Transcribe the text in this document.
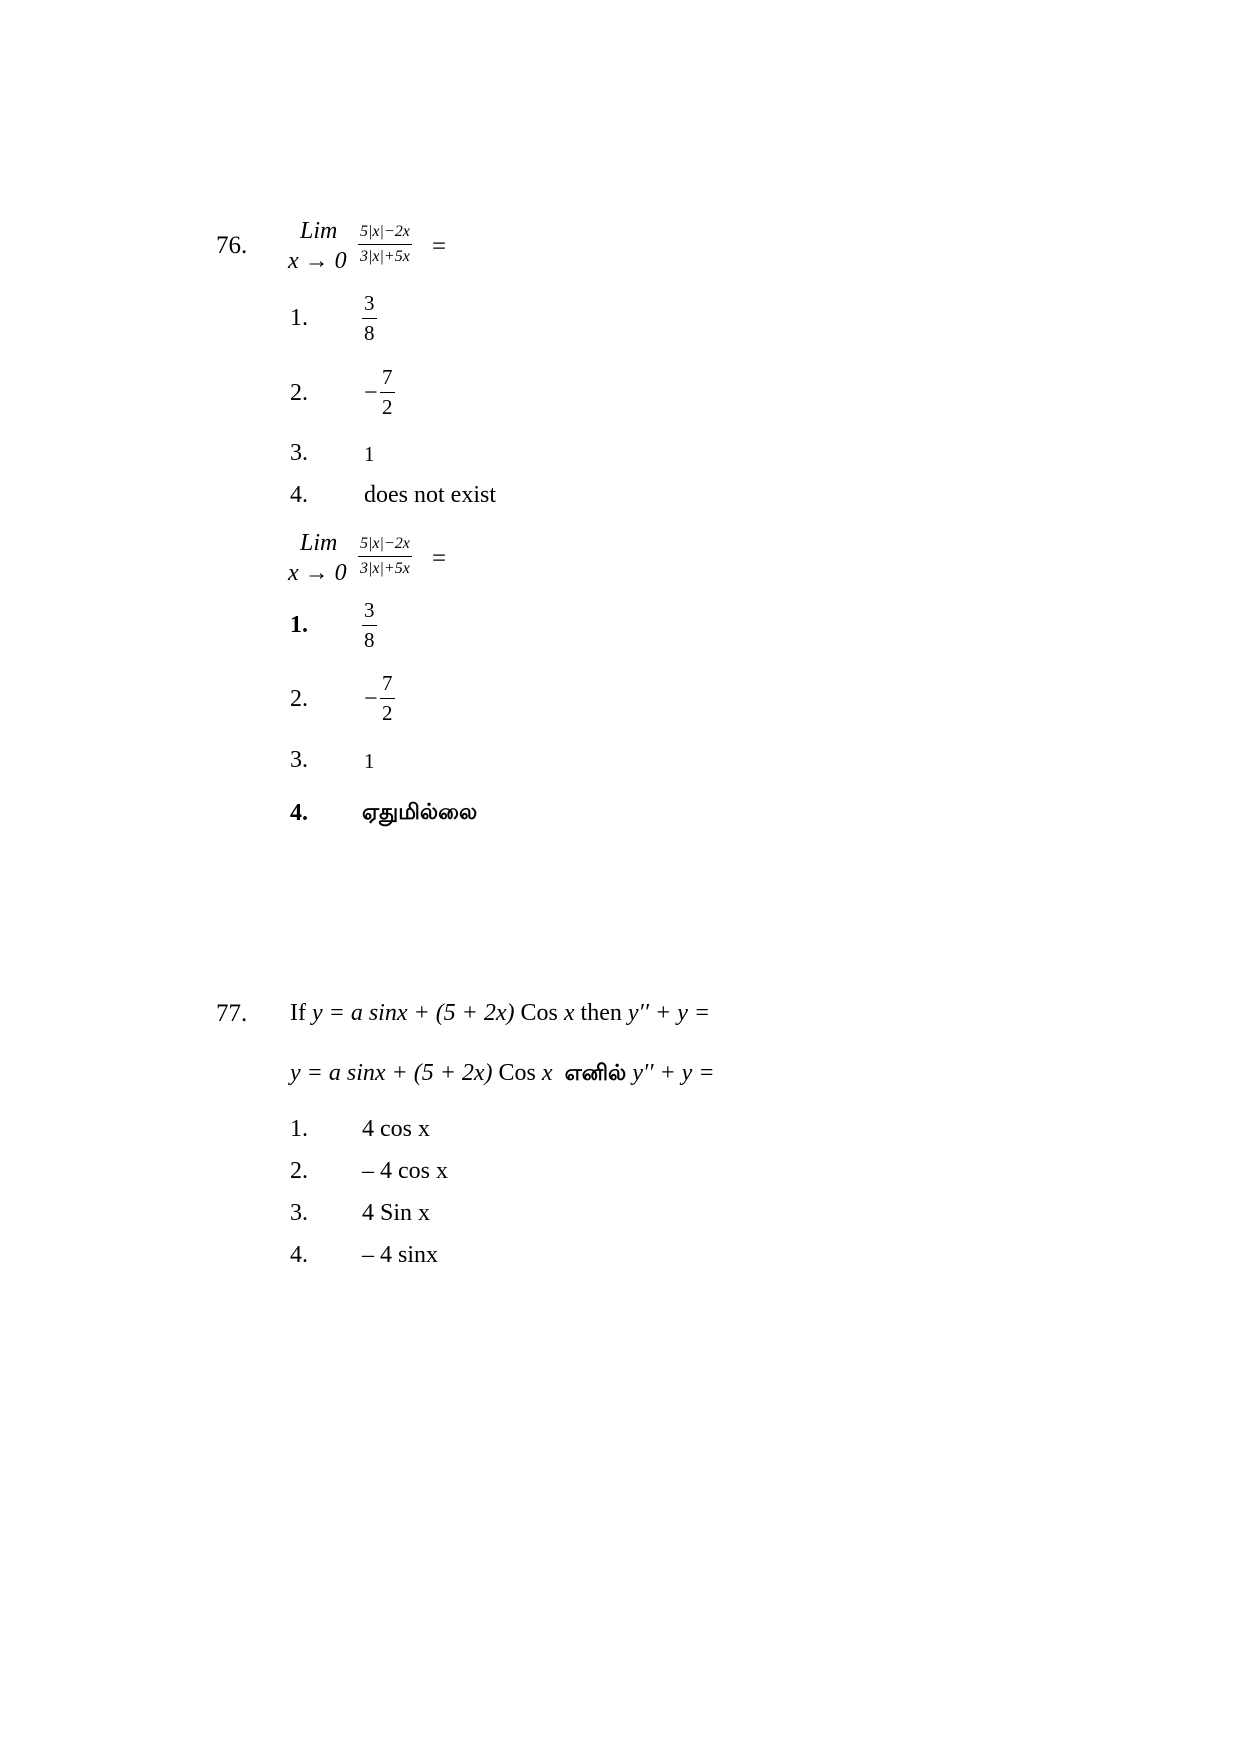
76.
Lim
$x \to 0 \frac{5|x|-2x}{3|x|+5x}$ =
1.	$\frac{3}{8}$
2. − $\frac{7}{2}$
3.	1
4. does not exist
Lim
$x \to 0 \frac{5|x|-2x}{3|x|+5x}$ =
1.	$\frac{3}{8}$
2. − $\frac{7}{2}$
3.	1
4. ஏதுமில்லை
77. If y = a sinx + (5 + 2x) Cos x then y′′ + y =
y = a sinx + (5 + 2x) Cos x எனில் y′′ + y =
1. 4 cos x
2. – 4 cos x
3. 4 Sin x
4. – 4 sinx
